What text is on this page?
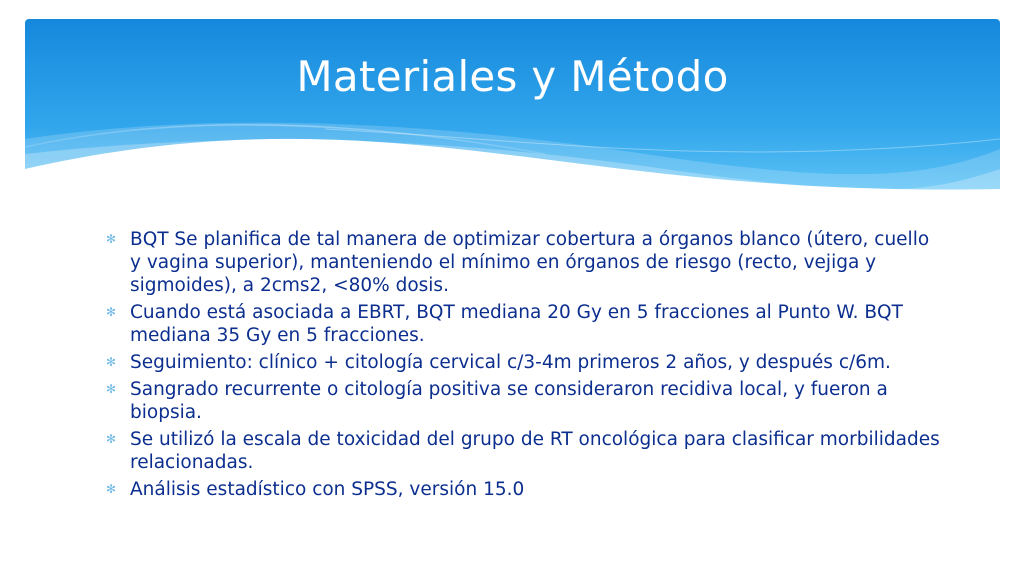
Materiales y Método
✻ BQT Se planifica de tal manera de optimizar cobertura a órganos blanco (útero, cuello y vagina superior), manteniendo el mínimo en órganos de riesgo (recto, vejiga y sigmoides), a 2cms2, <80% dosis.
✻ Cuando está asociada a EBRT, BQT mediana 20 Gy en 5 fracciones al Punto W. BQT mediana 35 Gy en 5 fracciones.
✻ Seguimiento: clínico + citología cervical c/3-4m primeros 2 años, y después c/6m.
✻ Sangrado recurrente o citología positiva se consideraron recidiva local, y fueron a biopsia.
✻ Se utilizó la escala de toxicidad del grupo de RT oncológica para clasificar morbilidades relacionadas.
✻ Análisis estadístico con SPSS, versión 15.0
